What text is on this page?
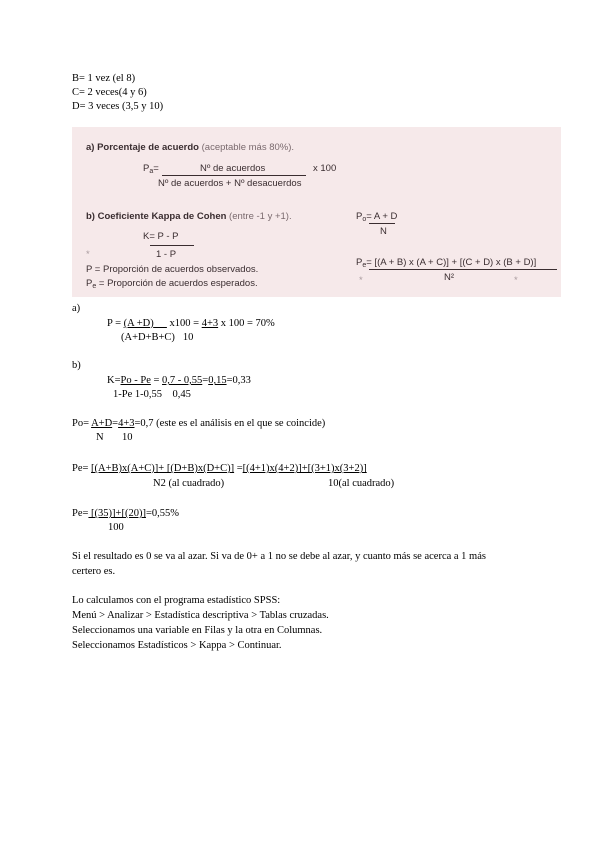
B= 1 vez (el 8)
C= 2 veces(4 y 6)
D= 3 veces (3,5 y 10)
a) Porcentaje de acuerdo (aceptable más 80%).
$P_a=$	Nº de acuerdos
Nº de acuerdos + Nº desacuerdos
x 100
b) Coeficiente Kappa de Cohen (entre -1 y +1).
K= P - P
1 - P
*
P = Proporción de acuerdos observados.
$P_e$ = Proporción de acuerdos esperados.
$P_o= A + D$
N
$P_e= [(A + B)$ x (A + C)] + [(C + D) x (B + D)]
N²
*	*
a)
P = (A +D)      x100 = 4+3 x 100 = 70%
(A+D+B+C) 10
b)
K=Po - Pe = 0,7 - 0,55=0,15=0,33
1-Pe 1-0,55    0,45
Po= A+D=4+3=0,7 (este es el análisis en el que se coincide)
N 10
Pe= [(A+B)x(A+C)]+ [(D+B)x(D+C)] =[(4+1)x(4+2)]+[(3+1)x(3+2)]
N2 (al cuadrado)	10(al cuadrado)
Pe= [(35)]+[(20)]=0,55%
100
Si el resultado es 0 se va al azar. Si va de 0+ a 1 no se debe al azar, y cuanto más se acerca a 1 más
certero es.
Lo calculamos con el programa estadístico SPSS:
Menú > Analizar > Estadística descriptiva > Tablas cruzadas.
Seleccionamos una variable en Filas y la otra en Columnas.
Seleccionamos Estadísticos > Kappa > Continuar.
